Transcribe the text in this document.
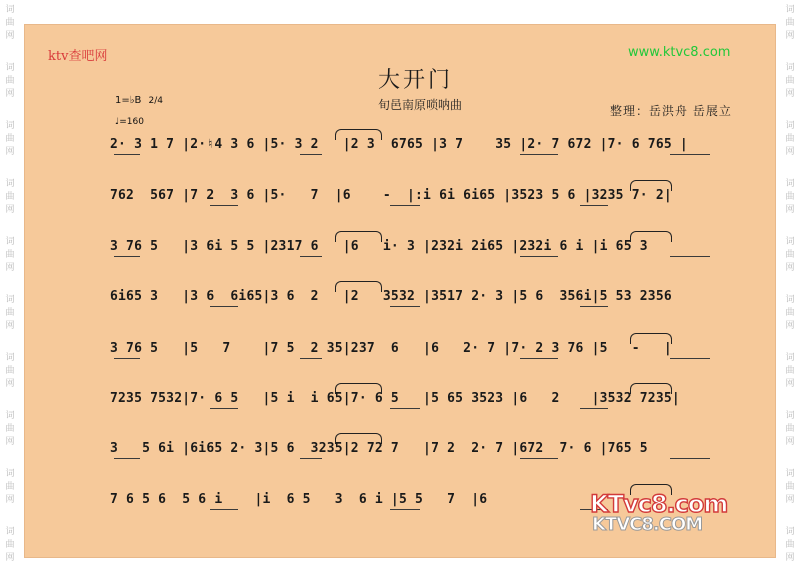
词
曲
网
词
曲
网
词
曲
网
词
曲
网
词
曲
网
词
曲
网
词
曲
网
词
曲
网
词
曲
网
词
曲
网
词
曲
网
词
曲
网
词
曲
网
词
曲
网
词
曲
网
词
曲
网
词
曲
网
词
曲
网
词
曲
网
词
曲
网
ktv查吧网	www.ktvc8.com
大开门
旬邑南原唢呐曲	整理：岳洪舟 岳展立
1=♭B 2/4
♩=160
2· 3 1 7 |2·♮4 3 6 |5· 3 2   |2 3  6765 |3 7    35 |2· 7 672 |7· 6 765 |
762  567 |7 2  3 6 |5·   7  |6    -  |:i 6i 6i65 |3523 5 6 |3235 7· 2|
3 76 5   |3 6i 5 5 |2317 6   |6   i· 3 |232i 2i65 |232i 6 i |i 65 3
6i65 3   |3 6  6i65|3 6  2   |2   3532 |3517 2· 3 |5 6  356i|5 53 2356
3 76 5   |5   7    |7 5  2 35|237  6   |6   2· 7 |7· 2 3 76 |5   -   |
7235 7532|7· 6 5   |5 i  i 65|7· 6 5   |5 65 3523 |6   2    |3532 7235|
3   5 6i |6i65 2· 3|5 6  3235|2 72 7   |7 2  2· 7 |672  7· 6 |765 5
7 6 5 6  5 6 i    |i  6 5   3  6 i |5 5   7  |6	KTvc8.com
KTVC8.COM
